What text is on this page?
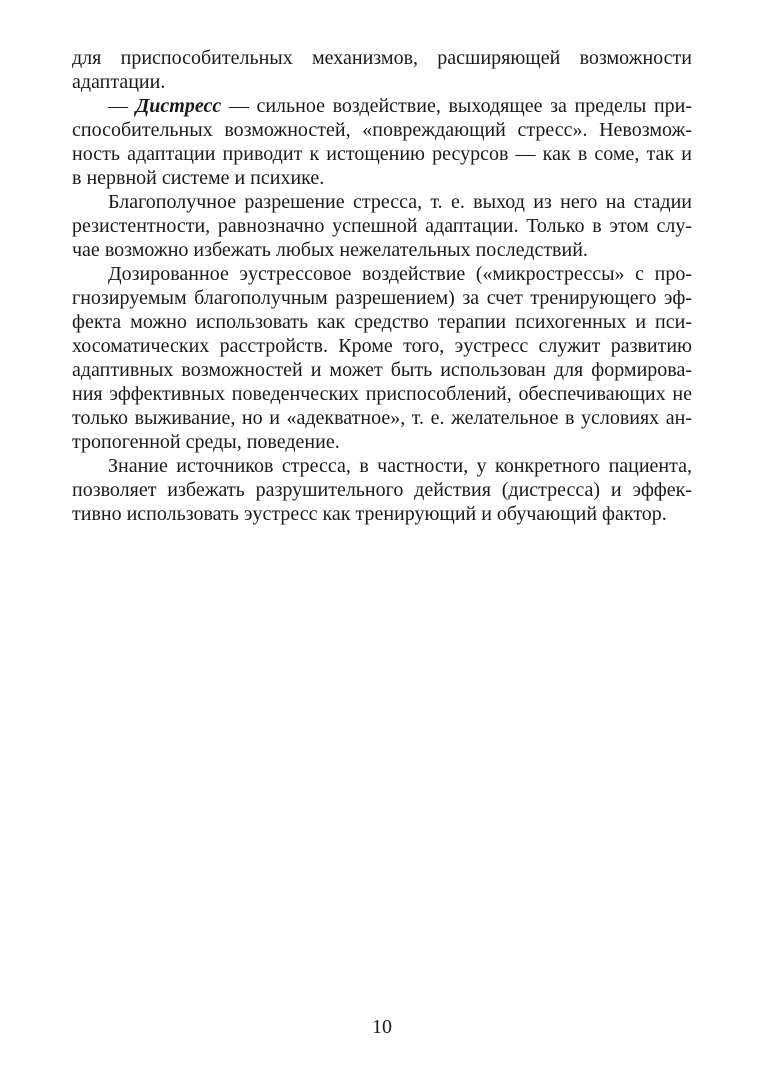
для приспособительных механизмов, расширяющей возможности
адаптации.
— Дистресс — сильное воздействие, выходящее за пределы при-
способительных возможностей, «повреждающий стресс». Невозмож-
ность адаптации приводит к истощению ресурсов — как в соме, так и
в нервной системе и психике.
Благополучное разрешение стресса, т. е. выход из него на стадии
резистентности, равнозначно успешной адаптации. Только в этом слу-
чае возможно избежать любых нежелательных последствий.
Дозированное эустрессовое воздействие («микрострессы» с про-
гнозируемым благополучным разрешением) за счет тренирующего эф-
фекта можно использовать как средство терапии психогенных и пси-
хосоматических расстройств. Кроме того, эустресс служит развитию
адаптивных возможностей и может быть использован для формирова-
ния эффективных поведенческих приспособлений, обеспечивающих не
только выживание, но и «адекватное», т. е. желательное в условиях ан-
тропогенной среды, поведение.
Знание источников стресса, в частности, у конкретного пациента,
позволяет избежать разрушительного действия (дистресса) и эффек-
тивно использовать эустресс как тренирующий и обучающий фактор.
10
